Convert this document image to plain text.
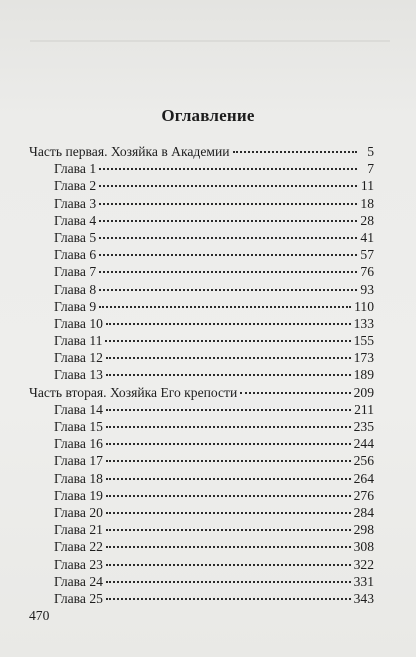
Оглавление
Часть первая. Хозяйка в Академии	5
Глава 1	7
Глава 2	11
Глава 3	18
Глава 4	28
Глава 5	41
Глава 6	57
Глава 7	76
Глава 8	93
Глава 9	110
Глава 10	133
Глава 11	155
Глава 12	173
Глава 13	189
Часть вторая. Хозяйка Его крепости	209
Глава 14	211
Глава 15	235
Глава 16	244
Глава 17	256
Глава 18	264
Глава 19	276
Глава 20	284
Глава 21	298
Глава 22	308
Глава 23	322
Глава 24	331
Глава 25	343
470
